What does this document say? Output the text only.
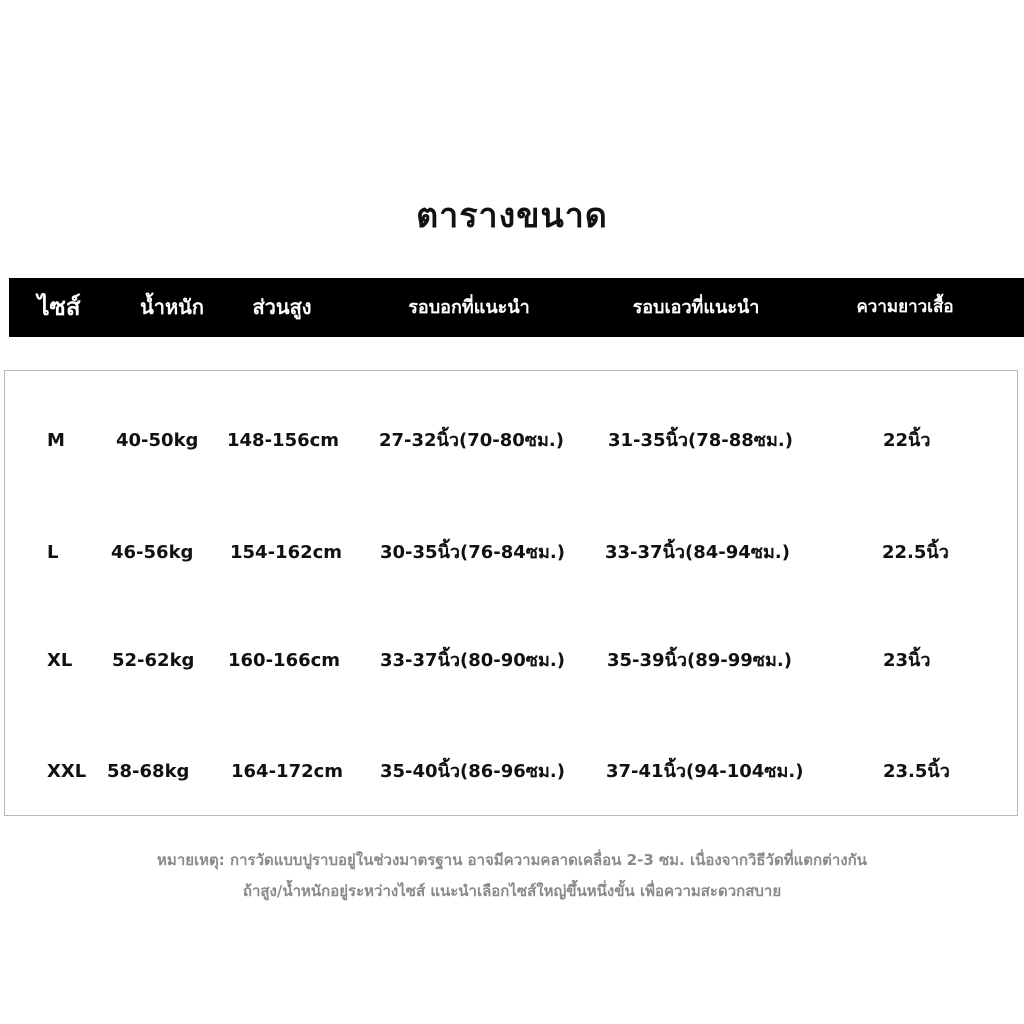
ตารางขนาด
ไซส์	น้ำหนัก	ส่วนสูง	รอบอกที่แนะนำ	รอบเอวที่แนะนำ	ความยาวเสื้อ
M	40-50kg 148-156cm 27-32นิ้ว(70-80ซม.) 31-35นิ้ว(78-88ซม.)	22นิ้ว
L	46-56kg 154-162cm 30-35นิ้ว(76-84ซม.) 33-37นิ้ว(84-94ซม.)	22.5นิ้ว
XL 52-62kg 160-166cm 33-37นิ้ว(80-90ซม.) 35-39นิ้ว(89-99ซม.)	23นิ้ว
XXL 58-68kg 164-172cm 35-40นิ้ว(86-96ซม.) 37-41นิ้ว(94-104ซม.)	23.5นิ้ว
หมายเหตุ: การวัดแบบปูราบอยู่ในช่วงมาตรฐาน อาจมีความคลาดเคลื่อน 2-3 ซม. เนื่องจากวิธีวัดที่แตกต่างกัน
ถ้าสูง/น้ำหนักอยู่ระหว่างไซส์ แนะนำเลือกไซส์ใหญ่ขึ้นหนึ่งขั้น เพื่อความสะดวกสบาย
